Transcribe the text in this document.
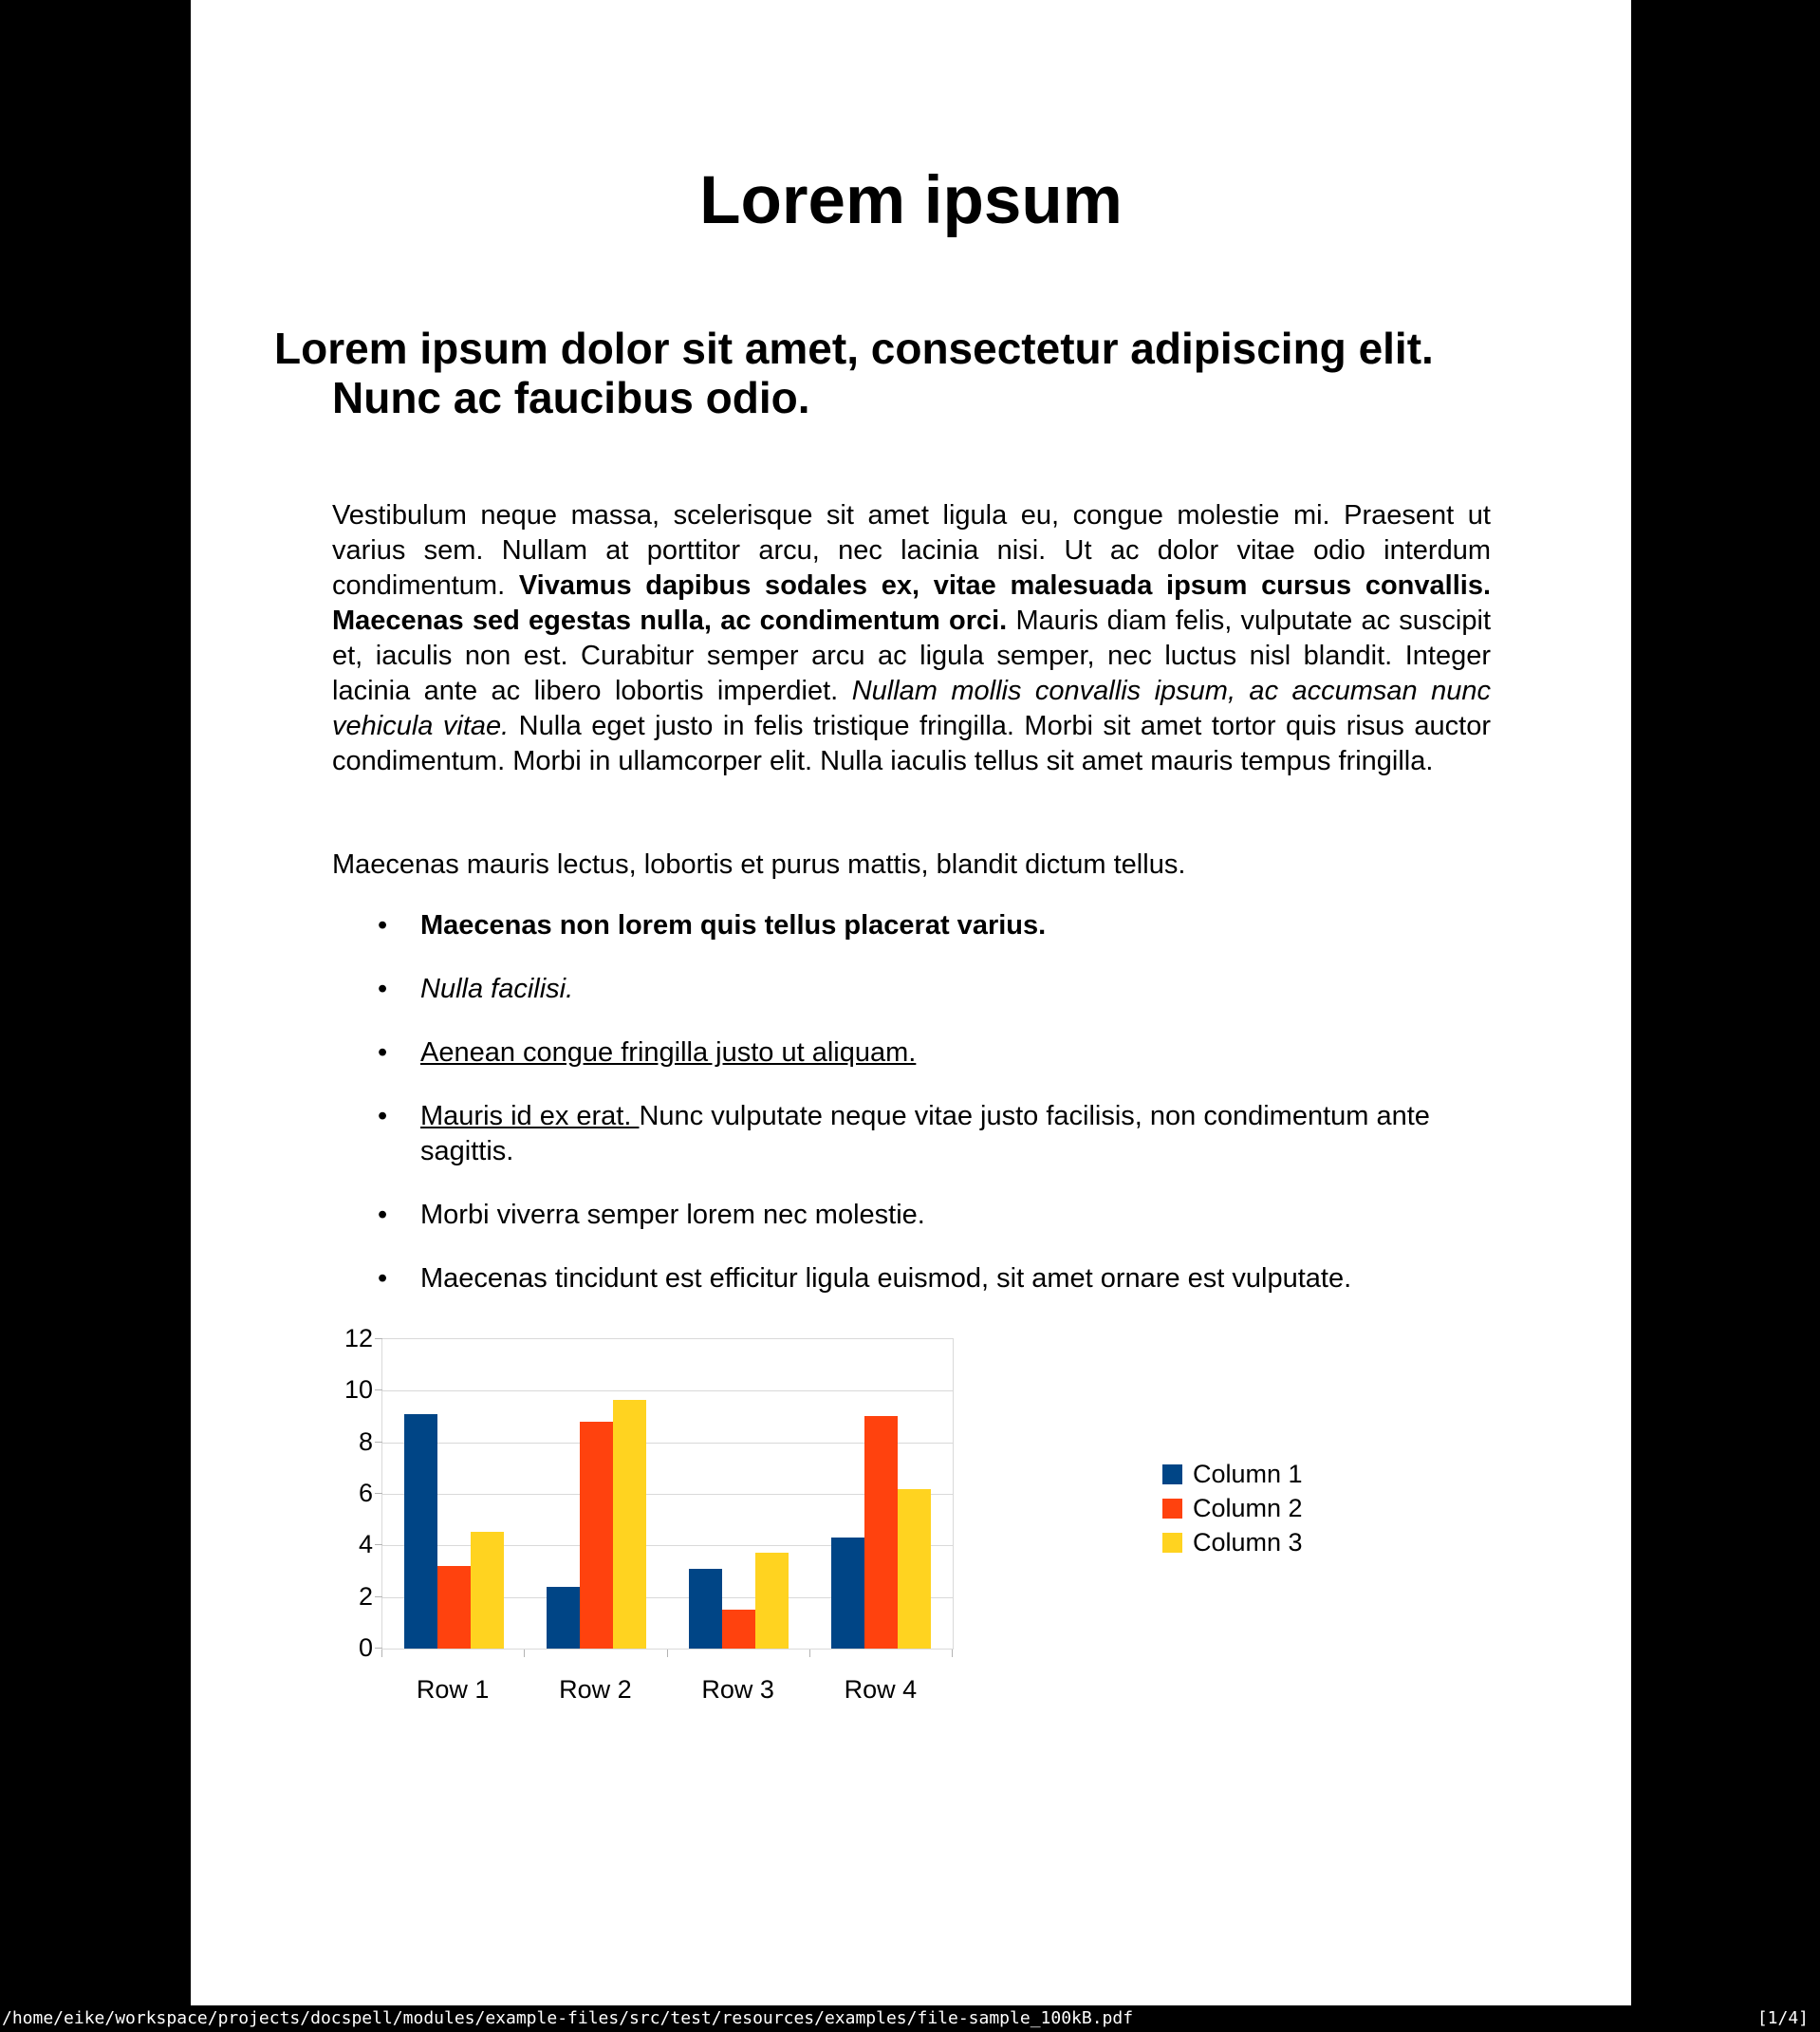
Lorem ipsum
Lorem ipsum dolor sit amet, consectetur adipiscing elit.
Nunc ac faucibus odio.

Vestibulum neque massa, scelerisque sit amet ligula eu, congue molestie mi. Praesent ut varius sem. Nullam at porttitor arcu, nec lacinia nisi. Ut ac dolor vitae odio interdum condimentum. Vivamus dapibus sodales ex, vitae malesuada ipsum cursus convallis. Maecenas sed egestas nulla, ac condimentum orci. Mauris diam felis, vulputate ac suscipit et, iaculis non est. Curabitur semper arcu ac ligula semper, nec luctus nisl blandit. Integer lacinia ante ac libero lobortis imperdiet. Nullam mollis convallis ipsum, ac accumsan nunc vehicula vitae. Nulla eget justo in felis tristique fringilla. Morbi sit amet tortor quis risus auctor condimentum. Morbi in ullamcorper elit. Nulla iaculis tellus sit amet mauris tempus fringilla.

Maecenas mauris lectus, lobortis et purus mattis, blandit dictum tellus.

• Maecenas non lorem quis tellus placerat varius.
• Nulla facilisi.
• Aenean congue fringilla justo ut aliquam.
• Mauris id ex erat. Nunc vulputate neque vitae justo facilisis, non condimentum ante sagittis.
• Morbi viverra semper lorem nec molestie.
• Maecenas tincidunt est efficitur ligula euismod, sit amet ornare est vulputate.
0
2
4
6
8
10
12
Row 1	Row 2	Row 3	Row 4
Column 1
Column 2
Column 3
/home/eike/workspace/projects/docspell/modules/example-files/src/test/resources/examples/file-sample_100kB.pdf	[1/4]
